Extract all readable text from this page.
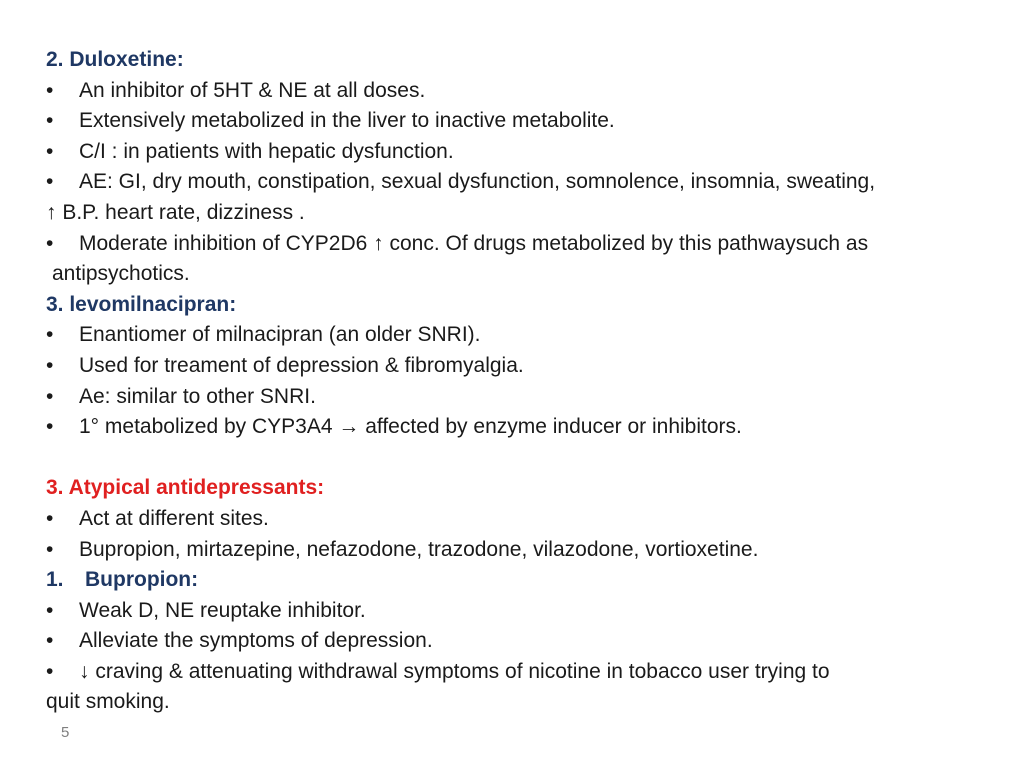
2. Duloxetine:
• An inhibitor of 5HT & NE at all doses.
• Extensively metabolized in the liver to inactive metabolite.
• C/I : in patients with hepatic dysfunction.
• AE: GI, dry mouth, constipation, sexual dysfunction, somnolence, insomnia, sweating,
↑ B.P. heart rate, dizziness .
• Moderate inhibition of CYP2D6 ↑ conc. Of drugs metabolized by this pathwaysuch as
antipsychotics.
3. levomilnacipran:
• Enantiomer of milnacipran (an older SNRI).
• Used for treament of depression & fibromyalgia.
• Ae: similar to other SNRI.
• 1° metabolized by CYP3A4 → affected by enzyme inducer or inhibitors.
3. Atypical antidepressants:
• Act at different sites.
• Bupropion, mirtazepine, nefazodone, trazodone, vilazodone, vortioxetine.
1. Bupropion:
• Weak D, NE reuptake inhibitor.
• Alleviate the symptoms of depression.
• ↓ craving & attenuating withdrawal symptoms of nicotine in tobacco user trying to
quit smoking.
5
